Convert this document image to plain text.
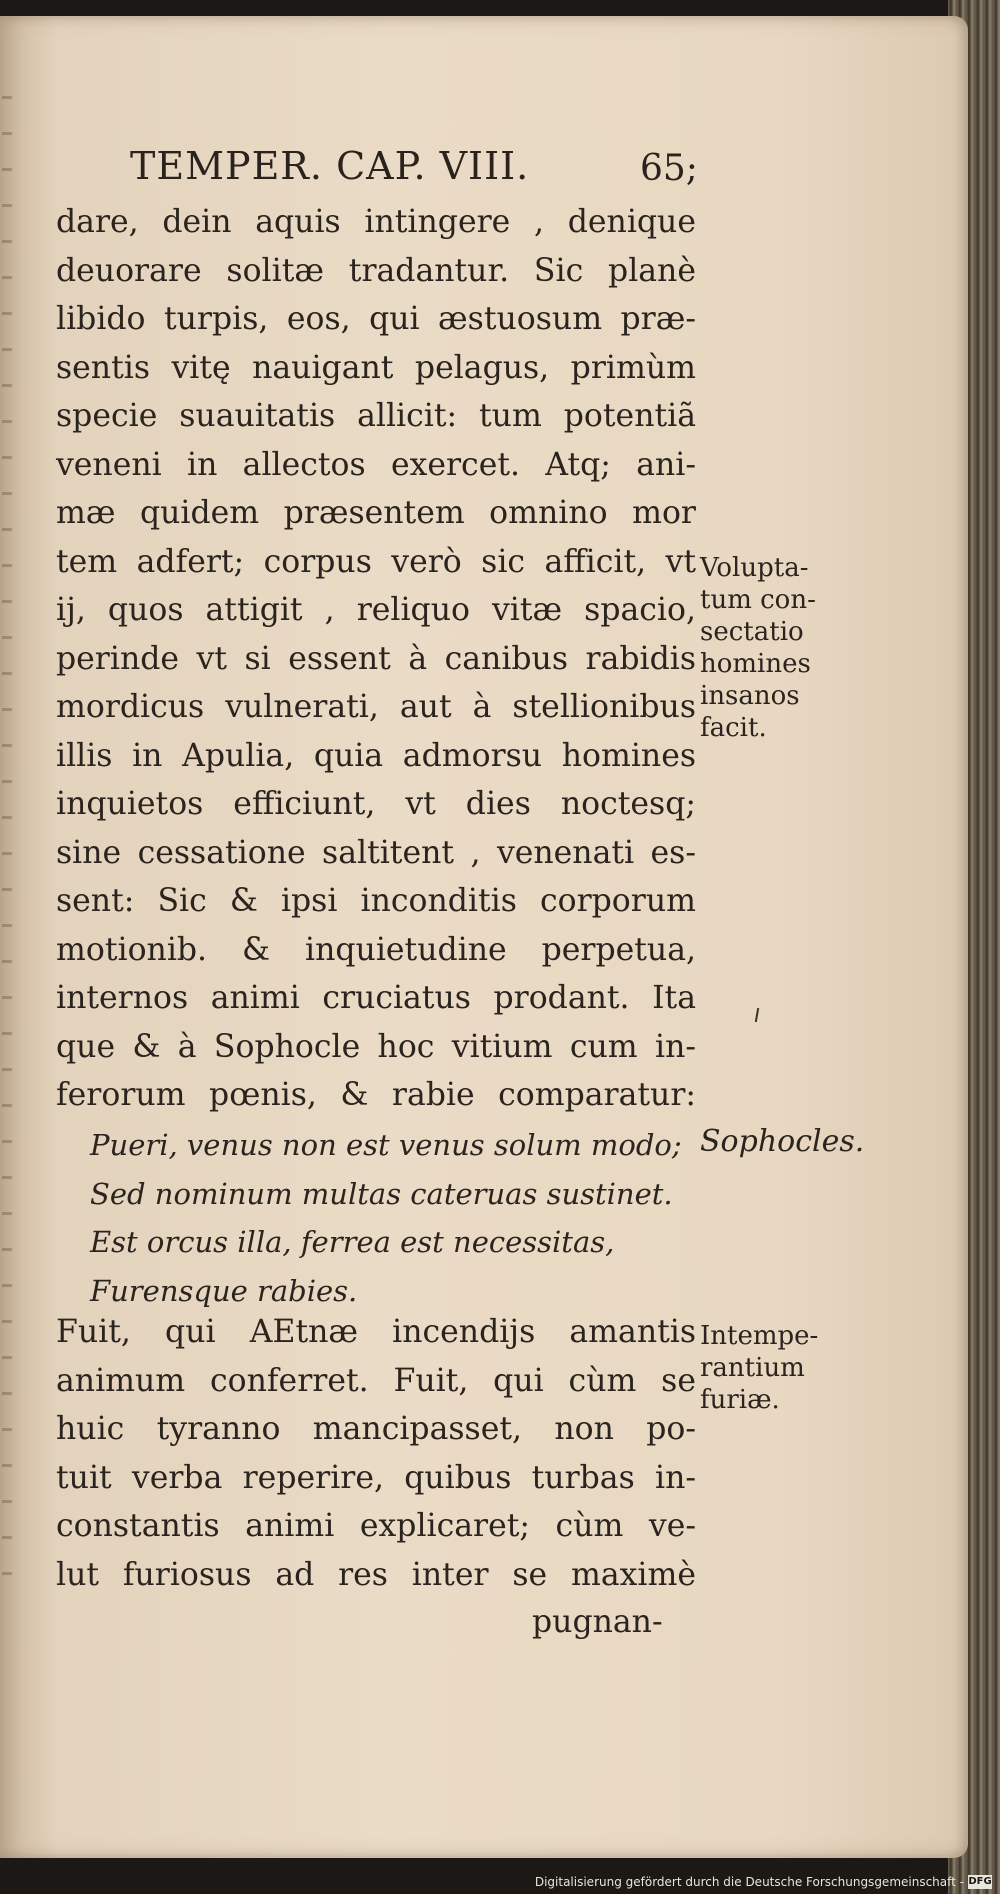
TEMPER. CAP. VIII.	65;
dare, dein aquis intingere , denique
deuorare solitæ tradantur. Sic planè
libido turpis, eos, qui æstuosum præ-
sentis vitę nauigant pelagus, primùm
specie suauitatis allicit: tum potentiã
veneni in allectos exercet. Atq; ani-
mæ quidem præsentem omnino mor
tem adfert; corpus verò sic afficit, vt
ij, quos attigit , reliquo vitæ spacio,
perinde vt si essent à canibus rabidis
mordicus vulnerati, aut à stellionibus
illis in Apulia, quia admorsu homines
inquietos efficiunt, vt dies noctesq;
sine cessatione saltitent , venenati es-
sent: Sic & ipsi inconditis corporum
motionib. & inquietudine perpetua,
internos animi cruciatus prodant. Ita
que & à Sophocle hoc vitium cum in-
ferorum pœnis, & rabie comparatur:
Pueri, venus non est venus solum modo;
Sed nominum multas cateruas sustinet.
Est orcus illa, ferrea est necessitas,
Furensque rabies.
Fuit, qui AEtnæ incendijs amantis
animum conferret. Fuit, qui cùm se
huic tyranno mancipasset, non po-
tuit verba reperire, quibus turbas in-
constantis animi explicaret; cùm ve-
lut furiosus ad res inter se maximè
pugnan-
Volupta-
tum con-
sectatio
homines
insanos
facit.
Sophocles.
Intempe-
rantium
furiæ.
Digitalisierung gefördert durch die Deutsche Forschungsgemeinschaft - DFG
